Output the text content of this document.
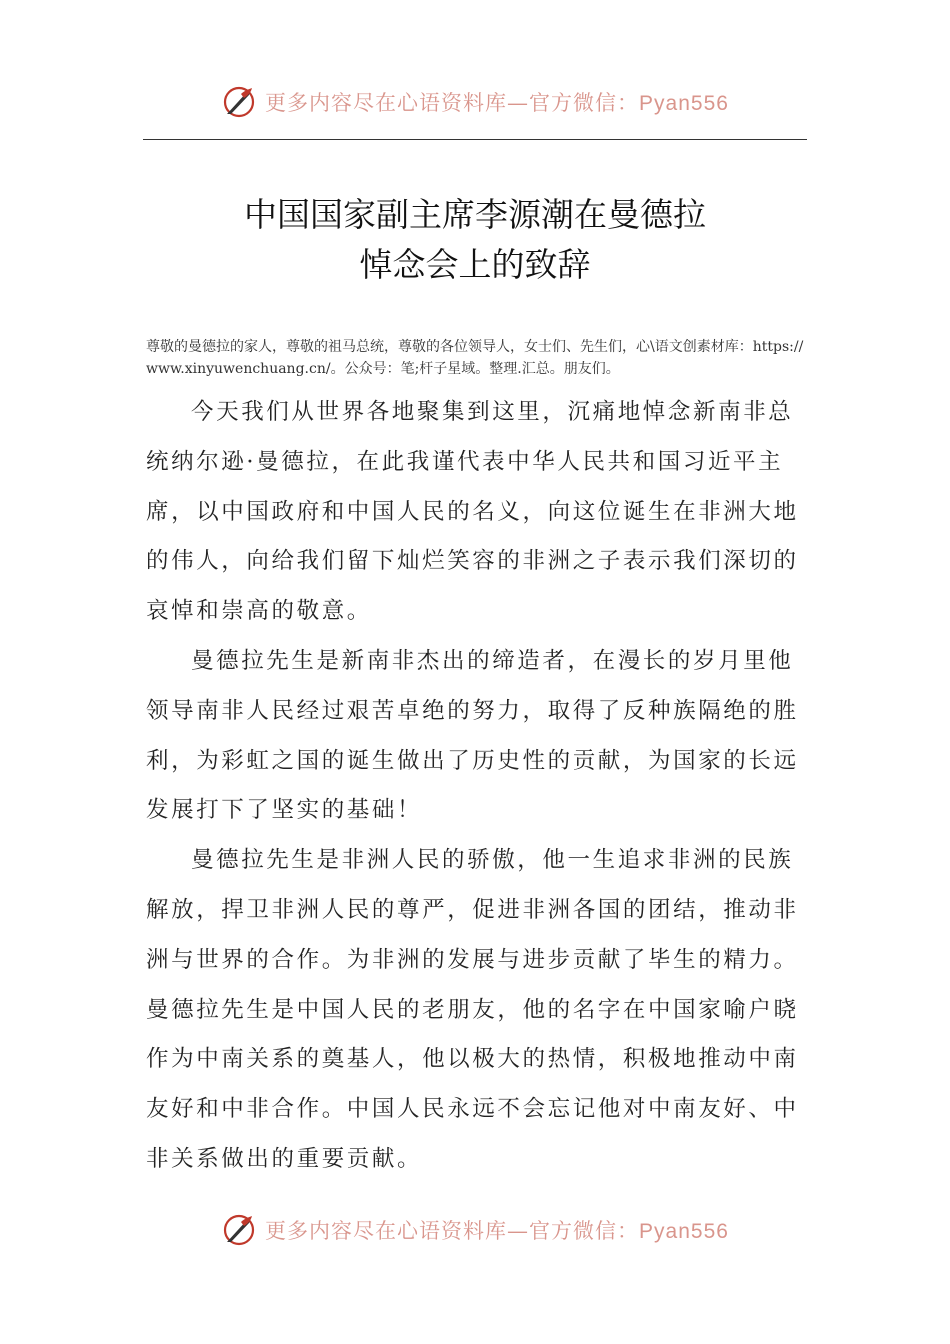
更多内容尽在心语资料库—官方微信：Pyan556
中国国家副主席李源潮在曼德拉
悼念会上的致辞
尊敬的曼德拉的家人，尊敬的祖马总统，尊敬的各位领导人，女士们、先生们，心\语文创素材库：https://www.xinyuwenchuang.cn/。公众号：笔;杆子星域。整理.汇总。朋友们。

今天我们从世界各地聚集到这里，沉痛地悼念新南非总统纳尔逊·曼德拉，在此我谨代表中华人民共和国习近平主席，以中国政府和中国人民的名义，向这位诞生在非洲大地的伟人，向给我们留下灿烂笑容的非洲之子表示我们深切的哀悼和崇高的敬意。

曼德拉先生是新南非杰出的缔造者，在漫长的岁月里他领导南非人民经过艰苦卓绝的努力，取得了反种族隔绝的胜利，为彩虹之国的诞生做出了历史性的贡献，为国家的长远发展打下了坚实的基础！

曼德拉先生是非洲人民的骄傲，他一生追求非洲的民族解放，捍卫非洲人民的尊严，促进非洲各国的团结，推动非洲与世界的合作。为非洲的发展与进步贡献了毕生的精力。

曼德拉先生是中国人民的老朋友，他的名字在中国家喻户晓作为中南关系的奠基人，他以极大的热情，积极地推动中南友好和中非合作。中国人民永远不会忘记他对中南友好、中非关系做出的重要贡献。

更多内容尽在心语资料库—官方微信：Pyan556
